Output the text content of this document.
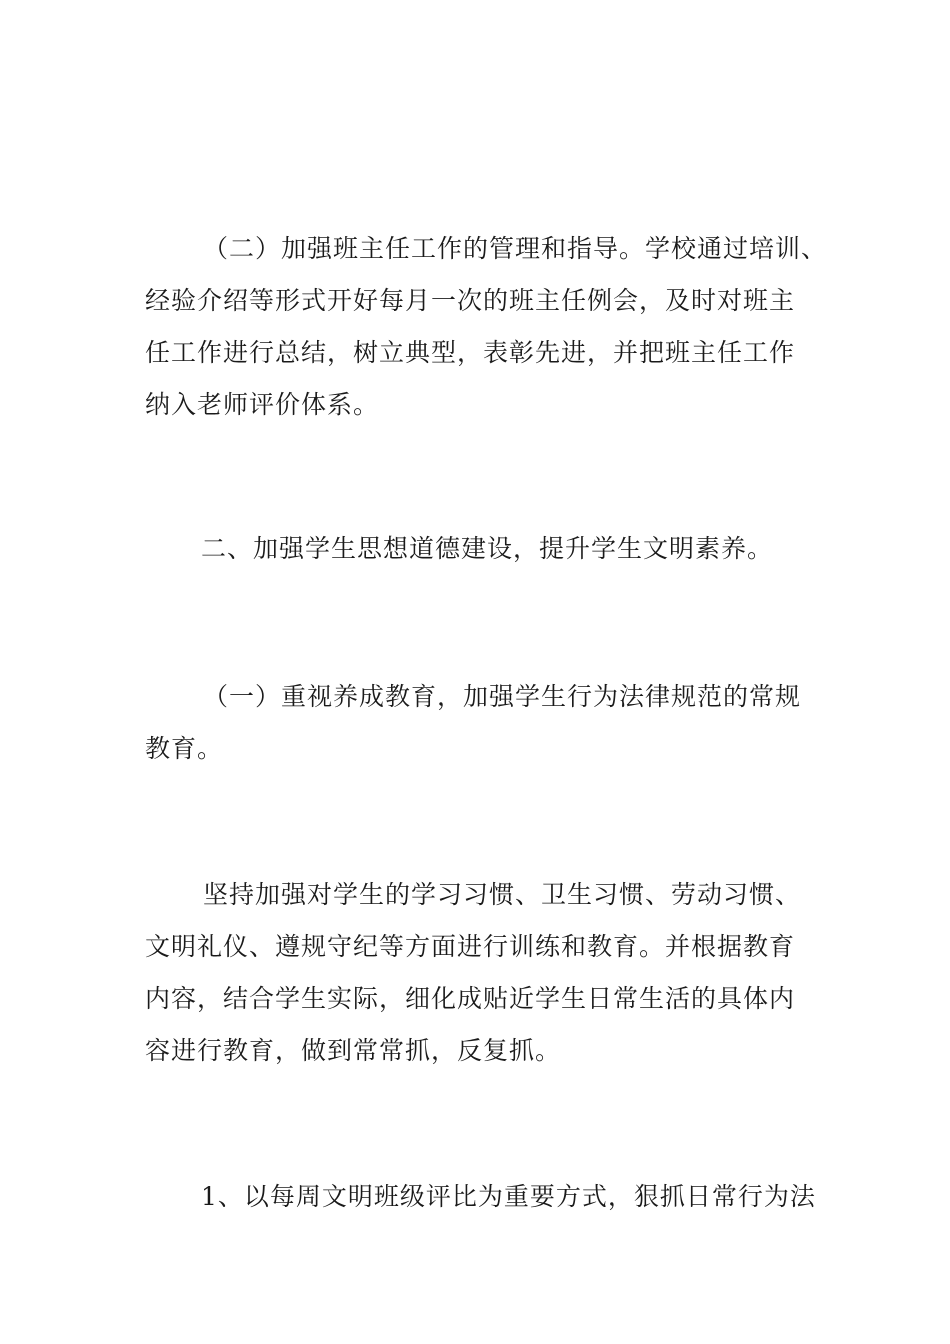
（二）加强班主任工作的管理和指导。学校通过培训、
经验介绍等形式开好每月一次的班主任例会，及时对班主
任工作进行总结，树立典型，表彰先进，并把班主任工作
纳入老师评价体系。

二、加强学生思想道德建设，提升学生文明素养。

（一）重视养成教育，加强学生行为法律规范的常规
教育。

坚持加强对学生的学习习惯、卫生习惯、劳动习惯、
文明礼仪、遵规守纪等方面进行训练和教育。并根据教育
内容，结合学生实际，细化成贴近学生日常生活的具体内
容进行教育，做到常常抓，反复抓。

1、以每周文明班级评比为重要方式，狠抓日常行为法
